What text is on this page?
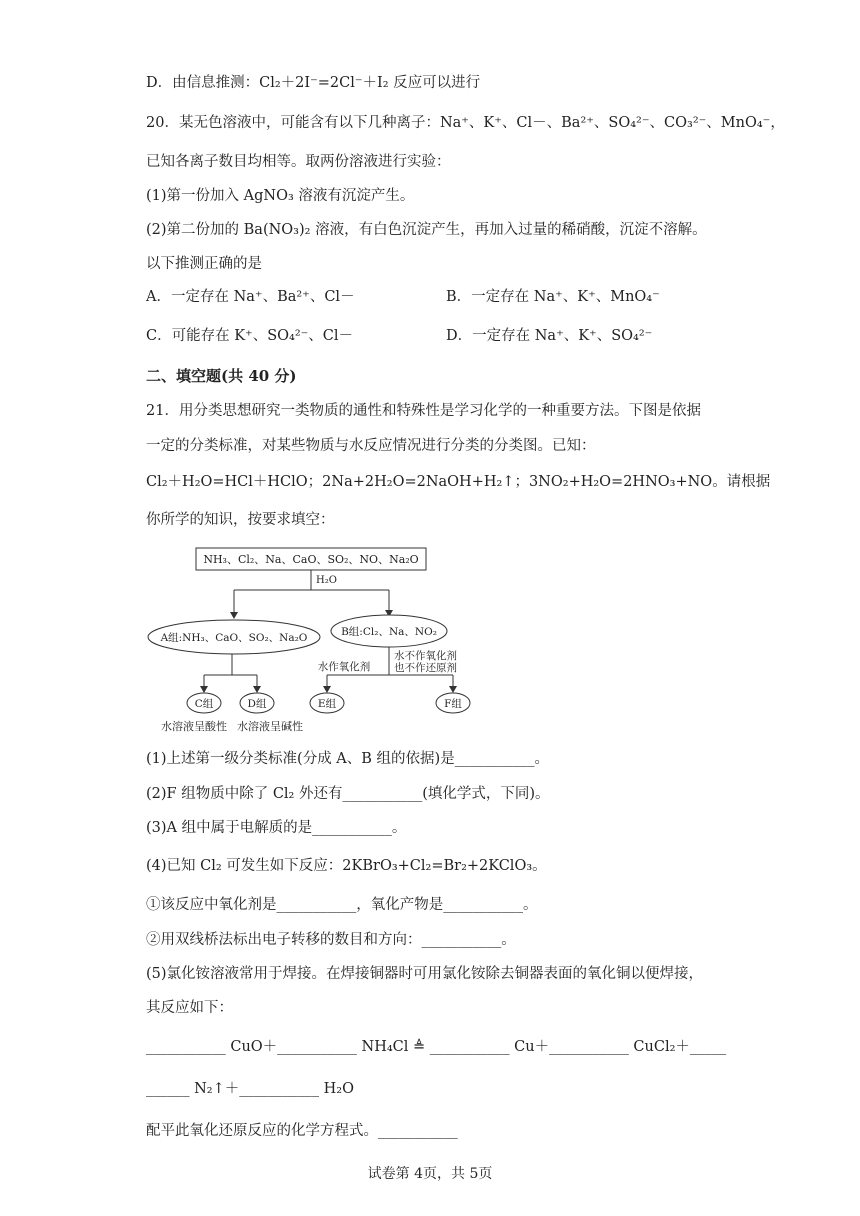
D．由信息推测：Cl₂＋2I⁻=2Cl⁻＋I₂ 反应可以进行
20．某无色溶液中，可能含有以下几种离子：Na⁺、K⁺、Cl－、Ba²⁺、SO₄²⁻、CO₃²⁻、MnO₄⁻，
已知各离子数目均相等。取两份溶液进行实验：
(1)第一份加入 AgNO₃ 溶液有沉淀产生。
(2)第二份加的 Ba(NO₃)₂ 溶液，有白色沉淀产生，再加入过量的稀硝酸，沉淀不溶解。
以下推测正确的是
A．一定存在 Na⁺、Ba²⁺、Cl－	B．一定存在 Na⁺、K⁺、MnO₄⁻
C．可能存在 K⁺、SO₄²⁻、Cl－	D．一定存在 Na⁺、K⁺、SO₄²⁻
二、填空题(共 40 分)
21．用分类思想研究一类物质的通性和特殊性是学习化学的一种重要方法。下图是依据
一定的分类标准，对某些物质与水反应情况进行分类的分类图。已知：
Cl₂＋H₂O=HCl＋HClO；2Na+2H₂O=2NaOH+H₂↑；3NO₂+H₂O=2HNO₃+NO。请根据
你所学的知识，按要求填空：
NH₃、Cl₂、Na、CaO、SO₂、NO、Na₂O
H₂O
A组:NH₃、CaO、SO₂、Na₂O	B组:Cl₂、Na、NO₂
C组	D组
水溶液呈酸性 水溶液呈碱性
水作氧化剂
水不作氧化剂
也不作还原剂
E组	F组
(1)上述第一级分类标准(分成 A、B 组的依据)是___________。
(2)F 组物质中除了 Cl₂ 外还有___________(填化学式，下同)。
(3)A 组中属于电解质的是___________。
(4)已知 Cl₂ 可发生如下反应：2KBrO₃+Cl₂=Br₂+2KClO₃。
①该反应中氧化剂是___________，氧化产物是___________。
②用双线桥法标出电子转移的数目和方向：___________。
(5)氯化铵溶液常用于焊接。在焊接铜器时可用氯化铵除去铜器表面的氧化铜以便焊接，
其反应如下：
___________ CuO＋___________ NH₄Cl ≜ ___________ Cu＋___________ CuCl₂＋_____
______ N₂↑＋___________ H₂O
配平此氧化还原反应的化学方程式。___________
试卷第 4页，共 5页
